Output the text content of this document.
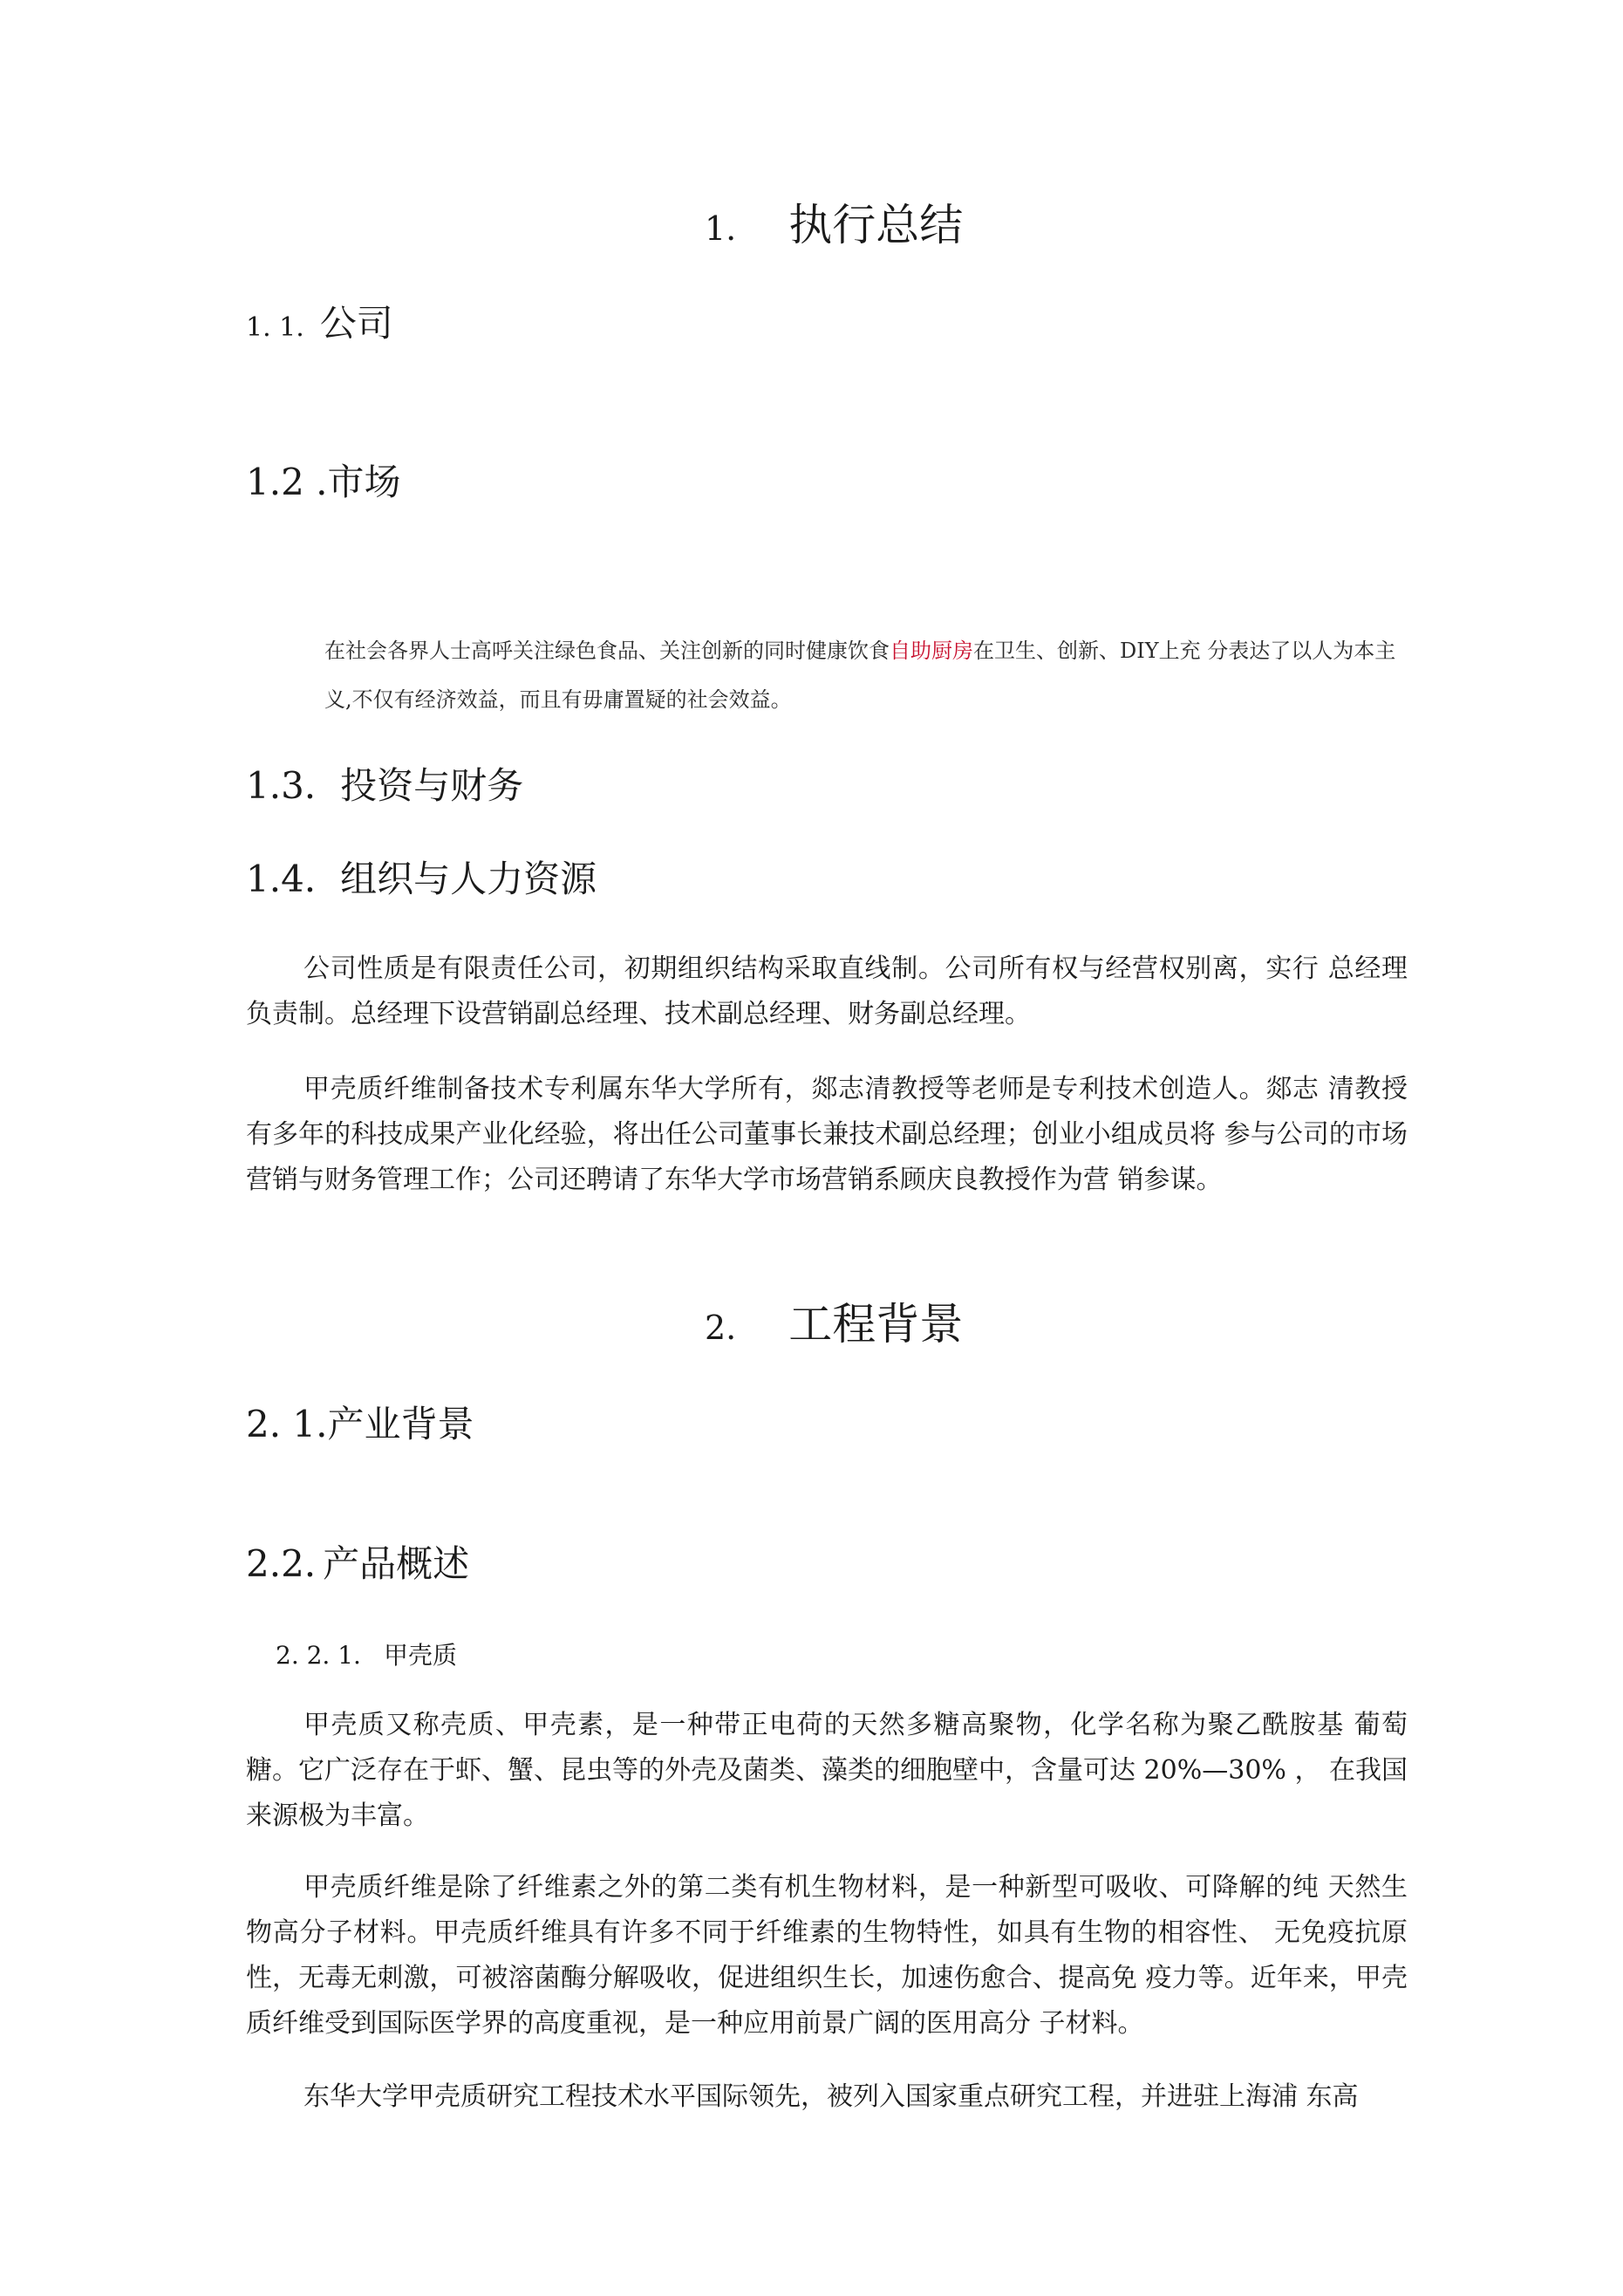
1. 执行总结
1. 1. 公司
1.2 .市场
在社会各界人士高呼关注绿色食品、关注创新的同时健康饮食自助厨房在卫生、创新、DIY上充 分表达了以人为本主义,不仅有经济效益，而且有毋庸置疑的社会效益。
1.3. 投资与财务
1.4. 组织与人力资源
公司性质是有限责任公司，初期组织结构采取直线制。公司所有权与经营权别离，实行 总经理负责制。总经理下设营销副总经理、技术副总经理、财务副总经理。
甲壳质纤维制备技术专利属东华大学所有，郯志清教授等老师是专利技术创造人。郯志 清教授有多年的科技成果产业化经验，将出任公司董事长兼技术副总经理；创业小组成员将 参与公司的市场营销与财务管理工作；公司还聘请了东华大学市场营销系顾庆良教授作为营 销参谋。
2. 工程背景
2. 1.产业背景
2.2. 产品概述
2. 2. 1. 甲壳质
甲壳质又称壳质、甲壳素，是一种带正电荷的天然多糖高聚物，化学名称为聚乙酰胺基 葡萄糖。它广泛存在于虾、蟹、昆虫等的外壳及菌类、藻类的细胞壁中，含量可达 20%—30% ， 在我国来源极为丰富。
甲壳质纤维是除了纤维素之外的第二类有机生物材料，是一种新型可吸收、可降解的纯 天然生物高分子材料。甲壳质纤维具有许多不同于纤维素的生物特性，如具有生物的相容性、 无免疫抗原性，无毒无刺激，可被溶菌酶分解吸收，促进组织生长，加速伤愈合、提高免 疫力等。近年来，甲壳质纤维受到国际医学界的高度重视，是一种应用前景广阔的医用高分 子材料。
东华大学甲壳质研究工程技术水平国际领先，被列入国家重点研究工程，并进驻上海浦 东高
